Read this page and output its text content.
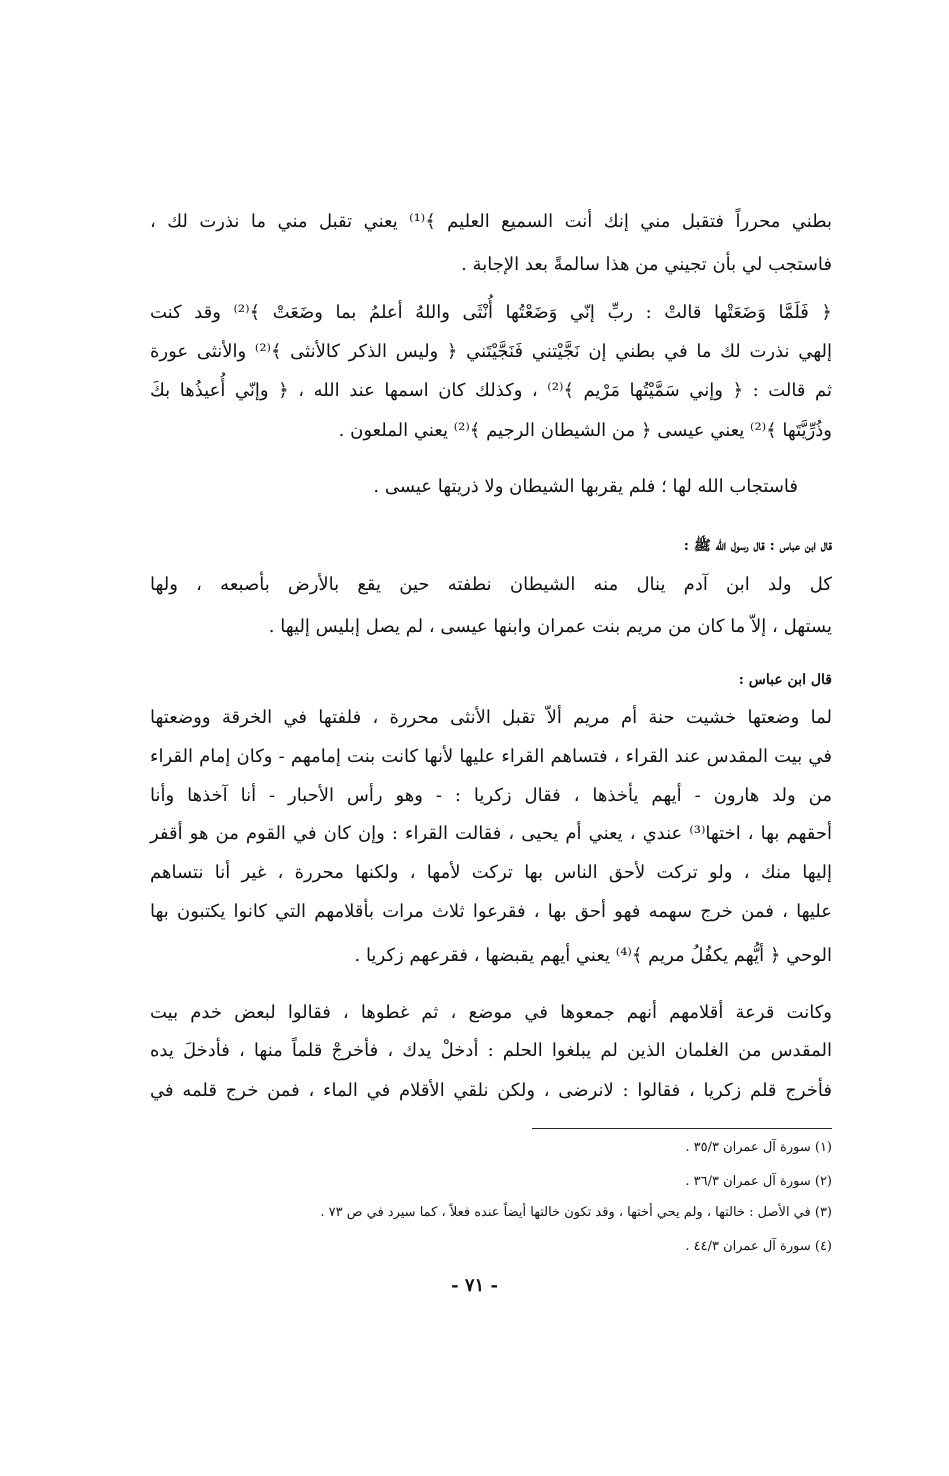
بطني محرراً فتقبل مني إنك أنت السميع العليم ﴾⁽¹⁾ يعني تقبل مني ما نذرت لك ،
فاستجب لي بأن تجيني من هذا سالمةً بعد الإجابة .
﴿ فَلَمَّا وَضَعَتْها قالتْ : ربِّ إنّي وَضَعْتُها أُنْثَى واللهُ أعلمُ بما وضَعَتْ ﴾⁽²⁾ وقد كنت
إلهي نذرت لك ما في بطني إن نَجَّيْتني فَنَجَّيْتَني ﴿ وليس الذكر كالأنثى ﴾⁽²⁾ والأنثى عورة
ثم قالت : ﴿ وإني سَمَّيْتُها مَرْيم ﴾⁽²⁾ ، وكذلك كان اسمها عند الله ، ﴿ وإنّي أُعيذُها بكَ
وذُرِّيَّتَها ﴾⁽²⁾ يعني عيسى ﴿ من الشيطان الرجيم ﴾⁽²⁾ يعني الملعون .
فاستجاب الله لها ؛ فلم يقربها الشيطان ولا ذريتها عيسى .
قال ابن عباس : قال رسول الله ﷺ :
كل ولد ابن آدم ينال منه الشيطان نطفته حين يقع بالأرض بأصبعه ، ولها
يستهل ، إلاّ ما كان من مريم بنت عمران وابنها عيسى ، لم يصل إبليس إليها .
قال ابن عباس :
لما وضعتها خشيت حنة أم مريم ألاّ تقبل الأنثى محررة ، فلفتها في الخرقة ووضعتها
في بيت المقدس عند القراء ، فتساهم القراء عليها لأنها كانت بنت إمامهم - وكان إمام القراء
من ولد هارون - أيهم يأخذها ، فقال زكريا : - وهو رأس الأحبار - أنا آخذها وأنا
أحقهم بها ، اختها⁽³⁾ عندي ، يعني أم يحيى ، فقالت القراء : وإن كان في القوم من هو أقفر
إليها منك ، ولو تركت لأحق الناس بها تركت لأمها ، ولكنها محررة ، غير أنا نتساهم
عليها ، فمن خرج سهمه فهو أحق بها ، فقرعوا ثلاث مرات بأقلامهم التي كانوا يكتبون بها
الوحي ﴿ أيُّهم يكفُلُ مريم ﴾⁽⁴⁾ يعني أيهم يقبضها ، فقرعهم زكريا .
وكانت قرعة أقلامهم أنهم جمعوها في موضع ، ثم غطوها ، فقالوا لبعض خدم بيت
المقدس من الغلمان الذين لم يبلغوا الحلم : أدخلْ يدك ، فأخرجْ قلماً منها ، فأدخلَ يده
فأخرج قلم زكريا ، فقالوا : لانرضى ، ولكن نلقي الأقلام في الماء ، فمن خرج قلمه في
(١) سورة آل عمران ٣٥/٣ .
(٢) سورة آل عمران ٣٦/٣ .
(٣) في الأصل : خالتها ، ولم يحي أختها ، وقد تكون خالتها أيضاً عنده فعلاً ، كما سيرد في ص ٧٣ .
(٤) سورة آل عمران ٤٤/٣ .
- ٧١ -
